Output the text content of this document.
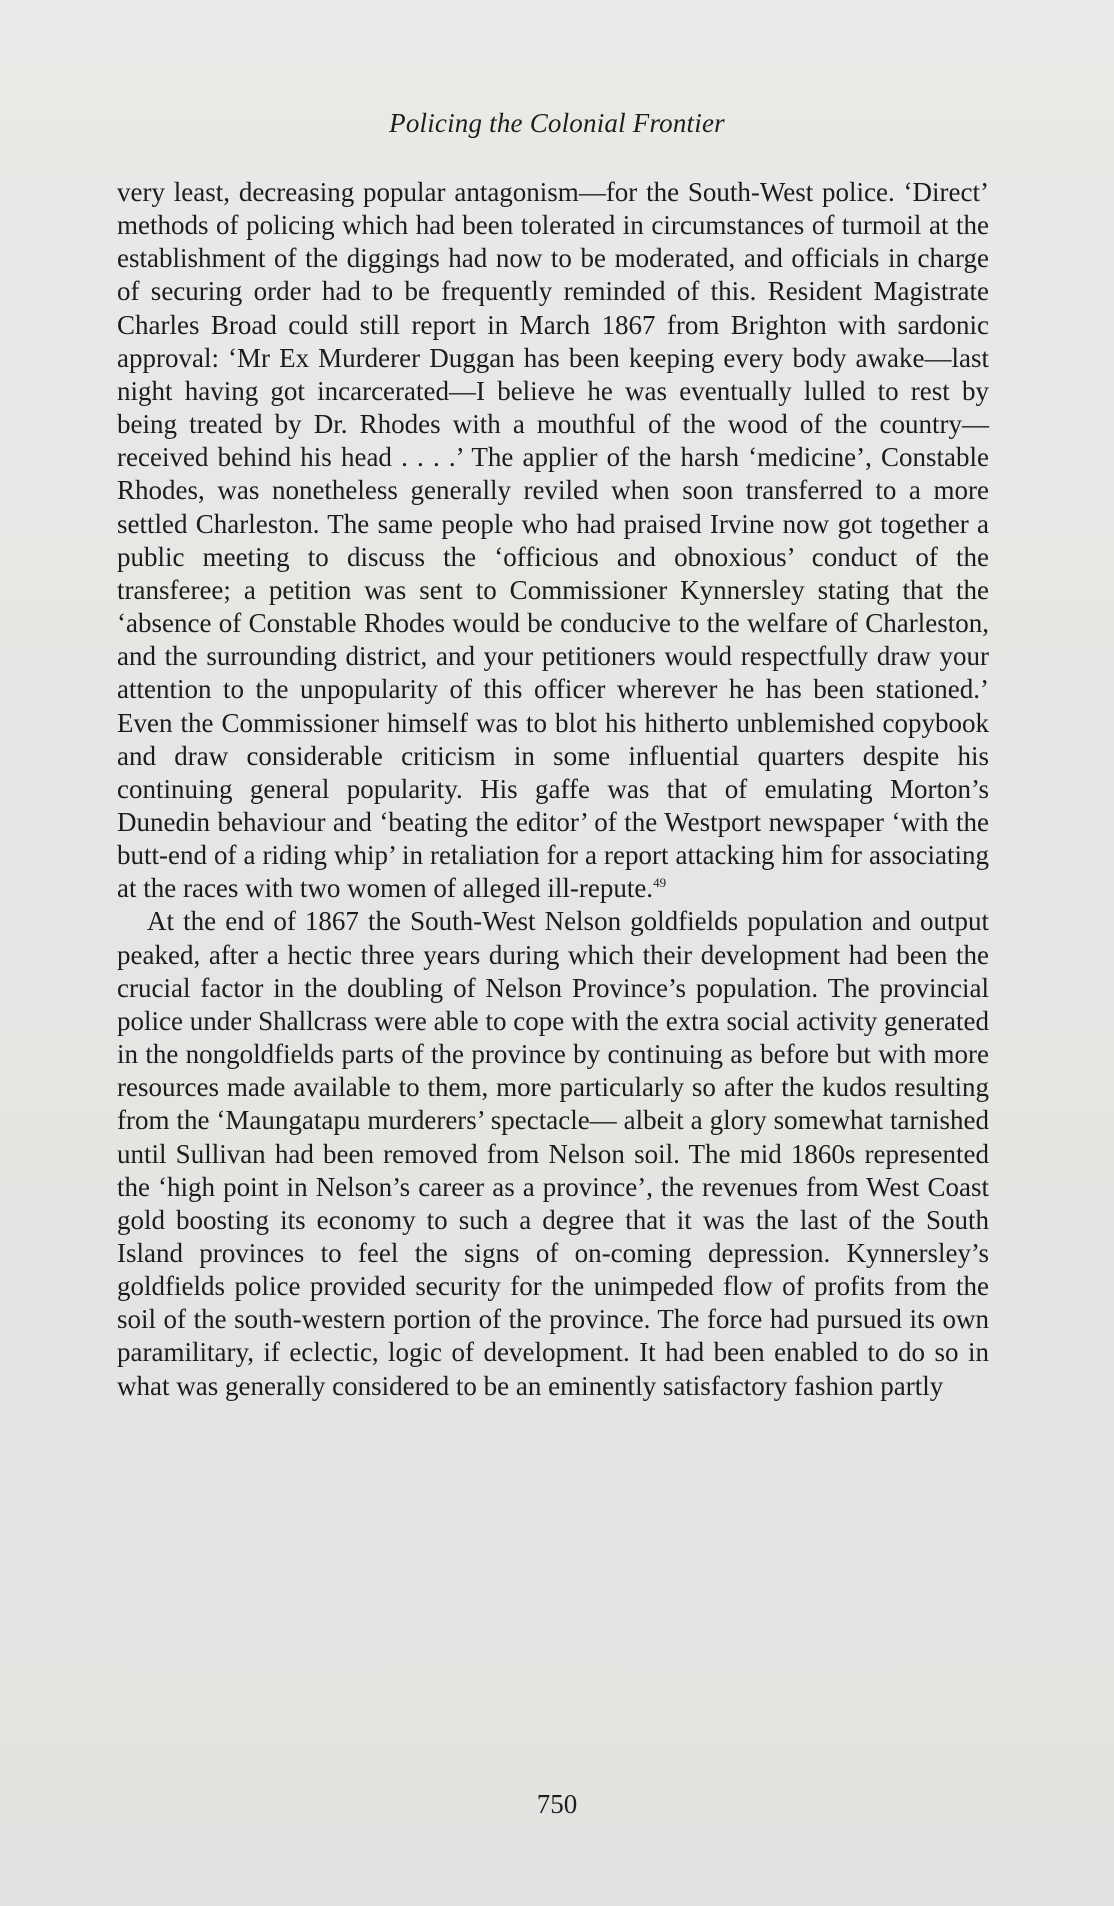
Policing the Colonial Frontier

very least, decreasing popular antagonism—for the South-West police. ‘Direct’ methods of policing which had been tolerated in circumstances of turmoil at the establishment of the diggings had now to be moderated, and officials in charge of securing order had to be frequently reminded of this. Resident Magistrate Charles Broad could still report in March 1867 from Brighton with sardonic approval: ‘Mr Ex Murderer Duggan has been keeping every body awake—last night having got incarcerated—I believe he was eventually lulled to rest by being treated by Dr. Rhodes with a mouthful of the wood of the country—received behind his head . . . .’ The applier of the harsh ‘medicine’, Constable Rhodes, was nonetheless generally reviled when soon transferred to a more settled Charleston. The same people who had praised Irvine now got together a public meeting to discuss the ‘officious and obnoxious’ conduct of the transferee; a petition was sent to Commissioner Kynnersley stating that the ‘absence of Constable Rhodes would be conducive to the welfare of Charleston, and the surrounding district, and your petitioners would respectfully draw your attention to the unpopularity of this officer wherever he has been stationed.’ Even the Commissioner himself was to blot his hitherto unblemished copybook and draw considerable criticism in some influential quarters despite his continuing general popularity. His gaffe was that of emulating Morton’s Dunedin behaviour and ‘beating the editor’ of the Westport newspaper ‘with the butt-end of a riding whip’ in retaliation for a report attacking him for associating at the races with two women of alleged ill-repute.$^{49}$

At the end of 1867 the South-West Nelson goldfields population and output peaked, after a hectic three years during which their development had been the crucial factor in the doubling of Nelson Province’s population. The provincial police under Shallcrass were able to cope with the extra social activity generated in the nongoldfields parts of the province by continuing as before but with more resources made available to them, more particularly so after the kudos resulting from the ‘Maungatapu murderers’ spectacle— albeit a glory somewhat tarnished until Sullivan had been removed from Nelson soil. The mid 1860s represented the ‘high point in Nelson’s career as a province’, the revenues from West Coast gold boosting its economy to such a degree that it was the last of the South Island provinces to feel the signs of on-coming depression. Kynnersley’s goldfields police provided security for the unimpeded flow of profits from the soil of the south-western portion of the province. The force had pursued its own paramilitary, if eclectic, logic of development. It had been enabled to do so in what was generally considered to be an eminently satisfactory fashion partly

750
